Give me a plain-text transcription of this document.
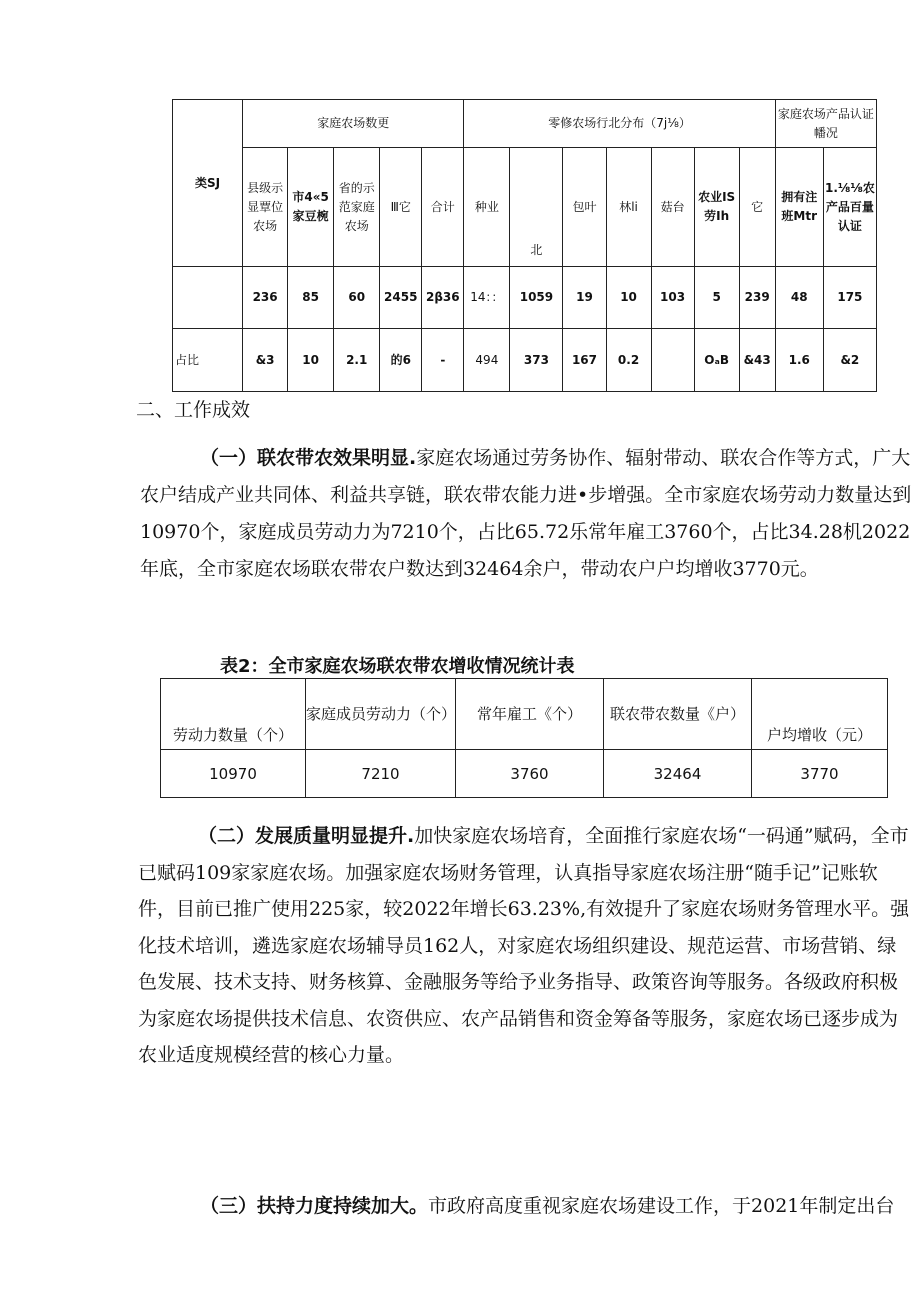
类SJ	家庭农场数更					零修农场行北分布（7j⅛）							家庭农场产品认证幡况	
	县级示显覃位农场	市4«5家豆椀	省的示范家庭农场	Ⅲ它	合计	种业	北	包叶	林li	菇台	农业IS劳Ih	它	拥有注班Mtr	1.⅛⅛农产品百量认证
	236	85	60	2455	2β36	14：：	1059	19	10	103	5	239	48	175
占比	&3	10	2.1	的6	-	494	373	167	0.2		OₐB	&43	1.6	&2
二、工作成效
（一）联农带农效果明显.家庭农场通过劳务协作、辐射带动、联农合作等方式，广大农户结成产业共同体、利益共享链，联农带农能力进•步增强。全市家庭农场劳动力数量达到10970个，家庭成员劳动力为7210个，占比65.72乐常年雇工3760个，占比34.28机2022年底，全市家庭农场联农带农户数达到32464余户，带动农户户均增收3770元。
表2：全市家庭农场联农带农增收情况统计表
劳动力数量（个）	家庭成员劳动力（个）	常年雇工《个）	联农带农数量《户）	户均增收（元）
10970	7210	3760	32464	3770
（二）发展质量明显提升.加快家庭农场培育，全面推行家庭农场“一码通”赋码，全市已赋码109家家庭农场。加强家庭农场财务管理，认真指导家庭农场注册“随手记”记账软件，目前已推广使用225家，较2022年增长63.23%,有效提升了家庭农场财务管理水平。强化技术培训，遴选家庭农场辅导员162人，对家庭农场组织建设、规范运营、市场营销、绿色发展、技术支持、财务核算、金融服务等给予业务指导、政策咨询等服务。各级政府积极为家庭农场提供技术信息、农资供应、农产品销售和资金筹备等服务，家庭农场已逐步成为农业适度规模经营的核心力量。
（三）扶持力度持续加大。市政府高度重视家庭农场建设工作，于2021年制定出台
